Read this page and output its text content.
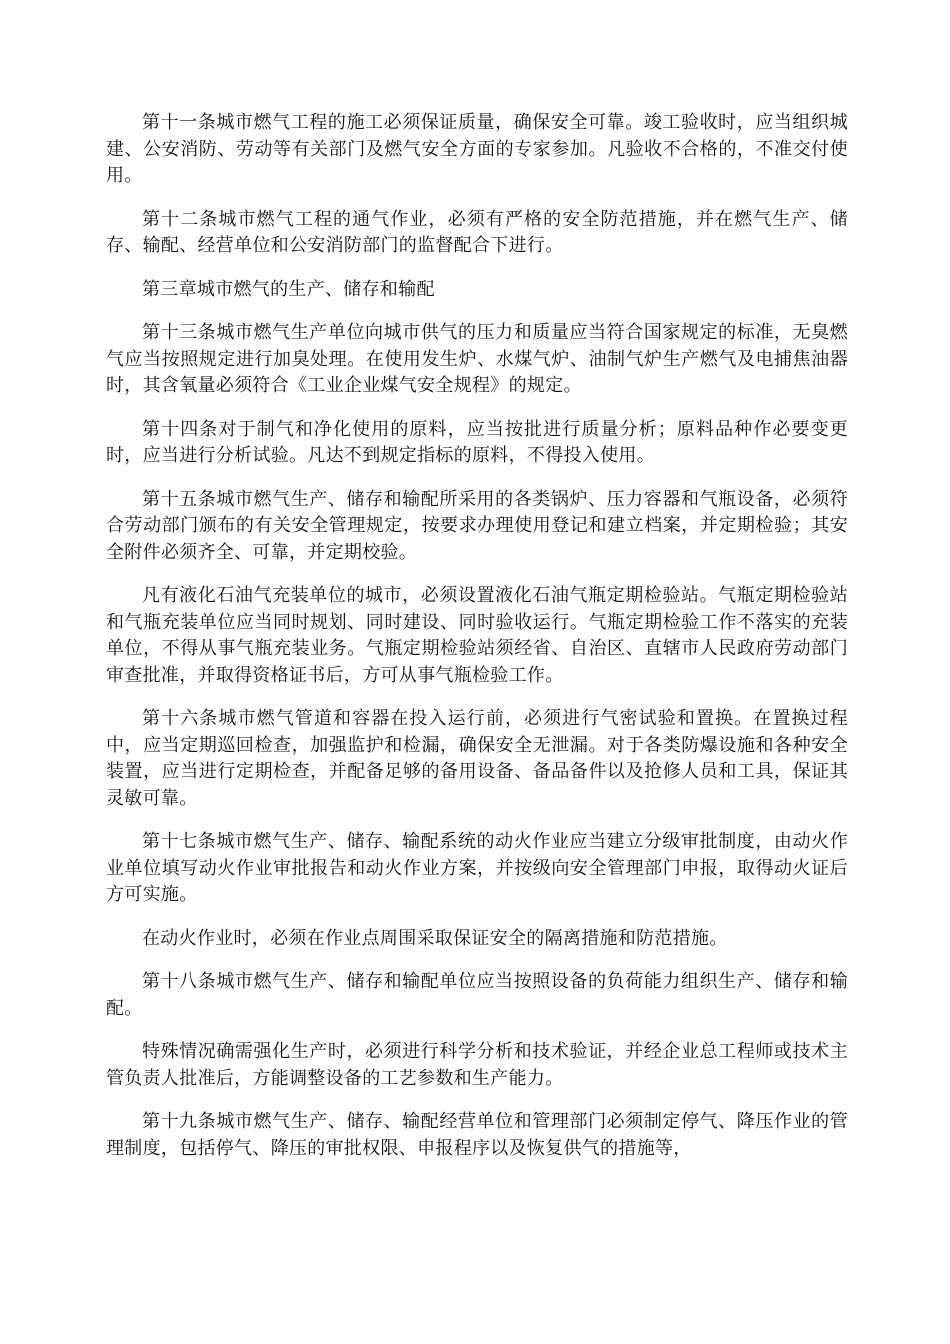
第十一条城市燃气工程的施工必须保证质量，确保安全可靠。竣工验收时，应当组织城建、公安消防、劳动等有关部门及燃气安全方面的专家参加。凡验收不合格的，不准交付使用。

第十二条城市燃气工程的通气作业，必须有严格的安全防范措施，并在燃气生产、储存、输配、经营单位和公安消防部门的监督配合下进行。

第三章城市燃气的生产、储存和输配

第十三条城市燃气生产单位向城市供气的压力和质量应当符合国家规定的标准，无臭燃气应当按照规定进行加臭处理。在使用发生炉、水煤气炉、油制气炉生产燃气及电捕焦油器时，其含氧量必须符合《工业企业煤气安全规程》的规定。

第十四条对于制气和净化使用的原料，应当按批进行质量分析；原料品种作必要变更时，应当进行分析试验。凡达不到规定指标的原料，不得投入使用。

第十五条城市燃气生产、储存和输配所采用的各类锅炉、压力容器和气瓶设备，必须符合劳动部门颁布的有关安全管理规定，按要求办理使用登记和建立档案，并定期检验；其安全附件必须齐全、可靠，并定期校验。

凡有液化石油气充装单位的城市，必须设置液化石油气瓶定期检验站。气瓶定期检验站和气瓶充装单位应当同时规划、同时建设、同时验收运行。气瓶定期检验工作不落实的充装单位，不得从事气瓶充装业务。气瓶定期检验站须经省、自治区、直辖市人民政府劳动部门审查批准，并取得资格证书后，方可从事气瓶检验工作。

第十六条城市燃气管道和容器在投入运行前，必须进行气密试验和置换。在置换过程中，应当定期巡回检查，加强监护和检漏，确保安全无泄漏。对于各类防爆设施和各种安全装置，应当进行定期检查，并配备足够的备用设备、备品备件以及抢修人员和工具，保证其灵敏可靠。

第十七条城市燃气生产、储存、输配系统的动火作业应当建立分级审批制度，由动火作业单位填写动火作业审批报告和动火作业方案，并按级向安全管理部门申报，取得动火证后方可实施。

在动火作业时，必须在作业点周围采取保证安全的隔离措施和防范措施。

第十八条城市燃气生产、储存和输配单位应当按照设备的负荷能力组织生产、储存和输配。

特殊情况确需强化生产时，必须进行科学分析和技术验证，并经企业总工程师或技术主管负责人批准后，方能调整设备的工艺参数和生产能力。

第十九条城市燃气生产、储存、输配经营单位和管理部门必须制定停气、降压作业的管理制度，包括停气、降压的审批权限、申报程序以及恢复供气的措施等，
